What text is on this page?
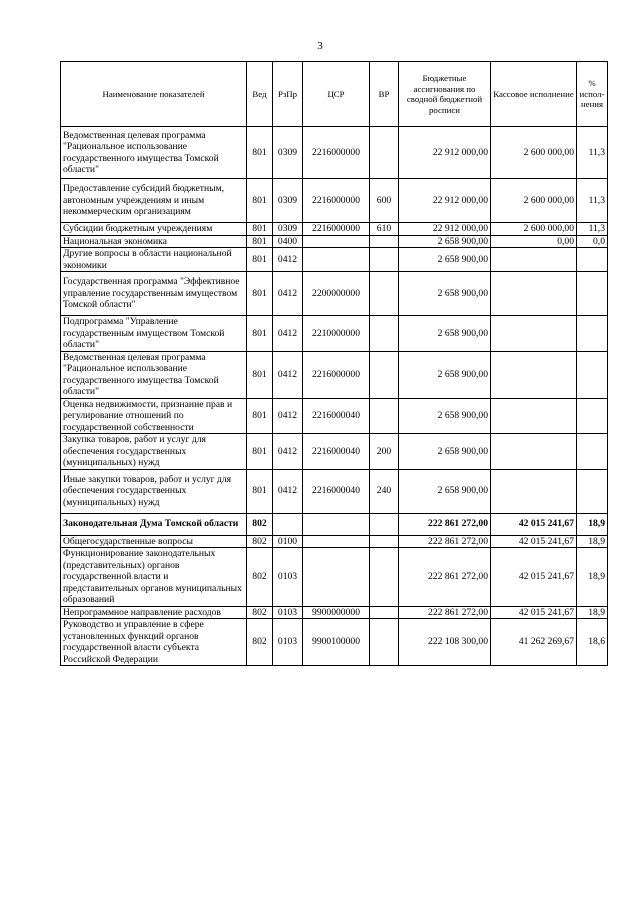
3
Наименование показателей	Вед	РзПр	ЦСР	ВР	Бюджетные ассигнования по сводной бюджетной росписи	Кассовое исполнение	% испол-нения
Ведомственная целевая программа "Рациональное использование государственного имущества Томской области"	801	0309	2216000000		22 912 000,00	2 600 000,00	11,3
Предоставление субсидий бюджетным, автономным учреждениям и иным некоммерческим организациям	801	0309	2216000000	600	22 912 000,00	2 600 000,00	11,3
Субсидии бюджетным учреждениям	801	0309	2216000000	610	22 912 000,00	2 600 000,00	11,3
Национальная экономика	801	0400			2 658 900,00	0,00	0,0
Другие вопросы в области национальной экономики	801	0412			2 658 900,00		
Государственная программа "Эффективное управление государственным имуществом Томской области"	801	0412	2200000000		2 658 900,00		
Подпрограмма "Управление государственным имуществом Томской области"	801	0412	2210000000		2 658 900,00		
Ведомственная целевая программа "Рациональное использование государственного имущества Томской области"	801	0412	2216000000		2 658 900,00		
Оценка недвижимости, признание прав и регулирование отношений по государственной собственности	801	0412	2216000040		2 658 900,00		
Закупка товаров, работ и услуг для обеспечения государственных (муниципальных) нужд	801	0412	2216000040	200	2 658 900,00		
Иные закупки товаров, работ и услуг для обеспечения государственных (муниципальных) нужд	801	0412	2216000040	240	2 658 900,00		
Законодательная Дума Томской области	802				222 861 272,00	42 015 241,67	18,9
Общегосударственные вопросы	802	0100			222 861 272,00	42 015 241,67	18,9
Функционирование законодательных (представительных) органов государственной власти и представительных органов муниципальных образований	802	0103			222 861 272,00	42 015 241,67	18,9
Непрограммное направление расходов	802	0103	9900000000		222 861 272,00	42 015 241,67	18,9
Руководство и управление в сфере установленных функций органов государственной власти субъекта Российской Федерации	802	0103	9900100000		222 108 300,00	41 262 269,67	18,6
